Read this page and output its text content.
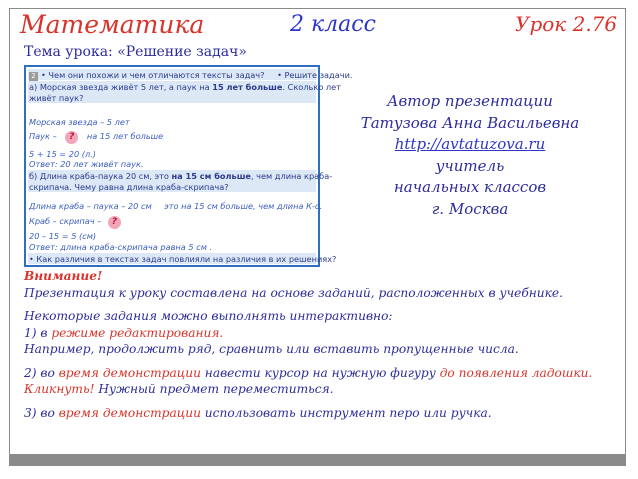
Математика	2 класс	Урок 2.76
Тема урока: «Решение задач»
2 • Чем они похожи и чем отличаются тексты задач? • Решите задачи.
а) Морская звезда живёт 5 лет, а паук на 15 лет больше. Сколько лет
живёт паук?
Морская звезда – 5 лет
Паук – ? на 15 лет больше
5 + 15 = 20 (л.)
Ответ: 20 лет живёт паук.
б) Длина краба-паука 20 см, это на 15 см больше, чем длина краба-
скрипача. Чему равна длина краба-скрипача?
Длина краба – паука – 20 см это на 15 см больше, чем длина К-с.
Краб – скрипач – ?
20 – 15 = 5 (см)
Ответ: длина краба-скрипача равна 5 см .
• Как различия в текстах задач повлияли на различия в их решениях?
Автор презентации
Татузова Анна Васильевна
http://avtatuzova.ru
учитель
начальных классов
г. Москва

Внимание!

Презентация к уроку составлена на основе заданий, расположенных в учебнике.

Некоторые задания можно выполнять интерактивно:

1) в режиме редактирования.

Например, продолжить ряд, сравнить или вставить пропущенные числа.

2) во время демонстрации навести курсор на нужную фигуру до появления ладошки.

Кликнуть! Нужный предмет переместиться.

3) во время демонстрации использовать инструмент перо или ручка.
